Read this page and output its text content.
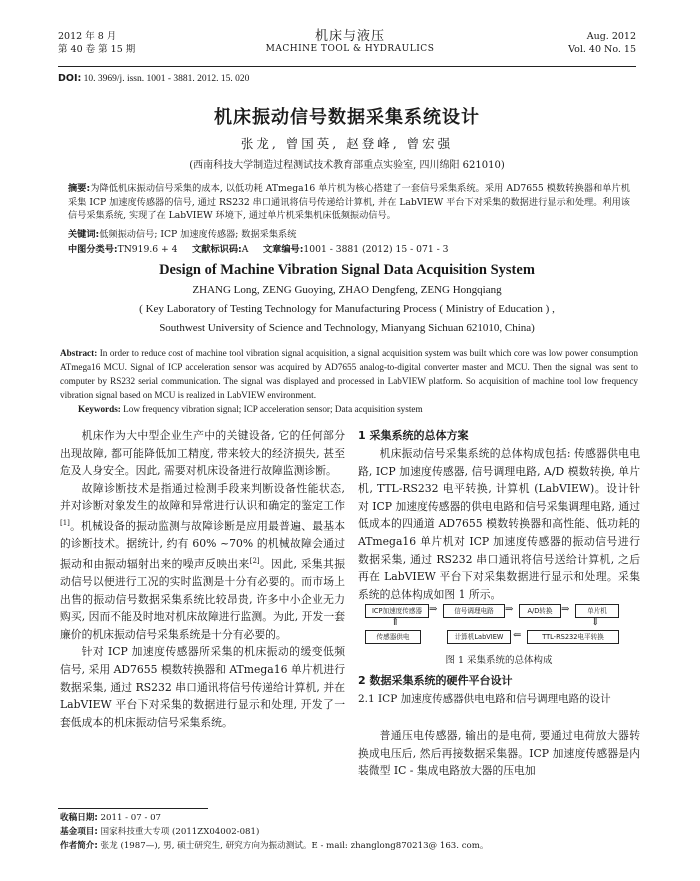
2012 年 8 月
第 40 卷 第 15 期
机床与液压
MACHINE TOOL & HYDRAULICS
Aug. 2012
Vol. 40 No. 15
DOI: 10. 3969/j. issn. 1001 - 3881. 2012. 15. 020
机床振动信号数据采集系统设计
张龙, 曾国英, 赵登峰, 曾宏强
(西南科技大学制造过程测试技术教育部重点实验室, 四川绵阳 621010)
摘要:为降低机床振动信号采集的成本, 以低功耗 ATmega16 单片机为核心搭建了一套信号采集系统。采用 AD7655 模数转换器和单片机采集 ICP 加速度传感器的信号, 通过 RS232 串口通讯将信号传递给计算机, 并在 LabVIEW 平台下对采集的数据进行显示和处理。利用该信号采集系统, 实现了在 LabVIEW 环境下, 通过单片机采集机床低频振动信号。
关键词:低频振动信号; ICP 加速度传感器; 数据采集系统
中图分类号:TN919.6 + 4 文献标识码:A 文章编号:1001 - 3881 (2012) 15 - 071 - 3
Design of Machine Vibration Signal Data Acquisition System
ZHANG Long, ZENG Guoying, ZHAO Dengfeng, ZENG Hongqiang
( Key Laboratory of Testing Technology for Manufacturing Process ( Ministry of Education ) ,
Southwest University of Science and Technology, Mianyang Sichuan 621010, China)
Abstract: In order to reduce cost of machine tool vibration signal acquisition, a signal acquisition system was built which core was low power consumption ATmega16 MCU. Signal of ICP acceleration sensor was acquired by AD7655 analog-to-digital converter master and MCU. Then the signal was sent to computer by RS232 serial communication. The signal was displayed and processed in LabVIEW platform. So acquisition of machine tool low frequency vibration signal based on MCU is realized in LabVIEW environment.
Keywords: Low frequency vibration signal; ICP acceleration sensor; Data acquisition system

机床作为大中型企业生产中的关键设备, 它的任何部分出现故障, 都可能降低加工精度, 带来较大的经济损失, 甚至危及人身安全。因此, 需要对机床设备进行故障监测诊断。

故障诊断技术是指通过检测手段来判断设备性能状态, 并对诊断对象发生的故障和异常进行认识和确定的鉴定工作[1]。机械设备的振动监测与故障诊断是应用最普遍、最基本的诊断技术。据统计, 约有 60% ~70% 的机械故障会通过振动和由振动辐射出来的噪声反映出来[2]。因此, 采集其振动信号以便进行工况的实时监测是十分有必要的。而市场上出售的振动信号数据采集系统比较昂贵, 许多中小企业无力购买, 因而不能及时地对机床故障进行监测。为此, 开发一套廉价的机床振动信号采集系统是十分有必要的。

针对 ICP 加速度传感器所采集的机床振动的缓变低频信号, 采用 AD7655 模数转换器和 ATmega16 单片机进行数据采集, 通过 RS232 串口通讯将信号传递给计算机, 并在 LabVIEW 平台下对采集的数据进行显示和处理, 开发了一套低成本的机床振动信号采集系统。

1 采集系统的总体方案

机床振动信号采集系统的总体构成包括: 传感器供电电路, ICP 加速度传感器, 信号调理电路, A/D 模数转换, 单片机, TTL-RS232 电平转换, 计算机 (LabVIEW)。设计针对 ICP 加速度传感器的供电电路和信号采集调理电路, 通过低成本的四通道 AD7655 模数转换器和高性能、低功耗的 ATmega16 单片机对 ICP 加速度传感器的振动信号进行数据采集, 通过 RS232 串口通讯将信号送给计算机, 之后再在 LabVIEW 平台下对采集数据进行显示和处理。采集系统的总体构成如图 1 所示。

ICP加速度传感器 ⇒	信号调理电路	⇒	A/D转换 ⇒	单片机
⇑	⇓
传感器供电	计算机LabVIEW ⇐	TTL-RS232电平转换
图 1 采集系统的总体构成
2 数据采集系统的硬件平台设计
2.1 ICP 加速度传感器供电电路和信号调理电路的设计

普通压电传感器, 输出的是电荷, 要通过电荷放大器转换成电压后, 然后再接数据采集器。ICP 加速度传感器是内装微型 IC - 集成电路放大器的压电加

收稿日期: 2011 - 07 - 07
基金项目: 国家科技重大专项 (2011ZX04002-081)
作者简介: 张龙 (1987—), 男, 硕士研究生, 研究方向为振动测试。E - mail: zhanglong870213@ 163. com。
